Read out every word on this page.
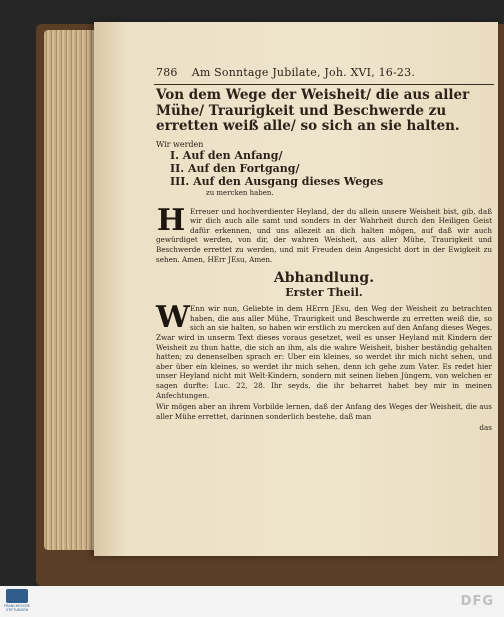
786 Am Sonntage Jubilate, Joh. XVI, 16-23.

Von dem Wege der Weisheit/ die aus aller Mühe/ Traurigkeit und Beschwerde zu erretten weiß alle/ so sich an sie halten.

Wir werden

I. Auf den Anfang/

II. Auf den Fortgang/

III. Auf den Ausgang dieses Weges

zu mercken haben.

H Erreuer und hochverdienter Heyland, der du allein unsere Weisheit bist, gib, daß wir dich auch alle samt und sonders in der Wahrheit durch den Heiligen Geist dafür erkennen, und uns allezeit an dich halten mögen, auf daß wir auch gewürdiget werden, von dir, der wahren Weisheit, aus aller Mühe, Traurigkeit und Beschwerde errettet zu werden, und mit Freuden dein Angesicht dort in der Ewigkeit zu sehen. Amen, HErr JEsu, Amen.

Abhandlung.

Erster Theil.

W Enn wir nun, Geliebte in dem HErrn JEsu, den Weg der Weisheit zu betrachten haben, die aus aller Mühe, Traurigkeit und Beschwerde zu erretten weiß die, so sich an sie halten, so haben wir erstlich zu mercken auf den Anfang dieses Weges. Zwar wird in unserm Text dieses voraus gesetzet, weil es unser Heyland mit Kindern der Weisheit zu thun hatte, die sich an ihm, als die wahre Weisheit, bisher beständig gehalten hatten; zu denenselben sprach er: Uber ein kleines, so werdet ihr mich nicht sehen, und aber über ein kleines, so werdet ihr mich sehen, denn ich gehe zum Vater. Es redet hier unser Heyland nicht mit Welt-Kindern, sondern mit seinen lieben Jüngern, von welchen er sagen durfte: Luc. 22, 28. Ihr seyds, die ihr beharret habet bey mir in meinen Anfechtungen.

Wir mögen aber an ihrem Vorbilde lernen, daß der Anfang des Weges der Weisheit, die aus aller Mühe errettet, darinnen sonderlich bestehe, daß man

das

FRANCKESCHE STIFTUNGEN
DFG
